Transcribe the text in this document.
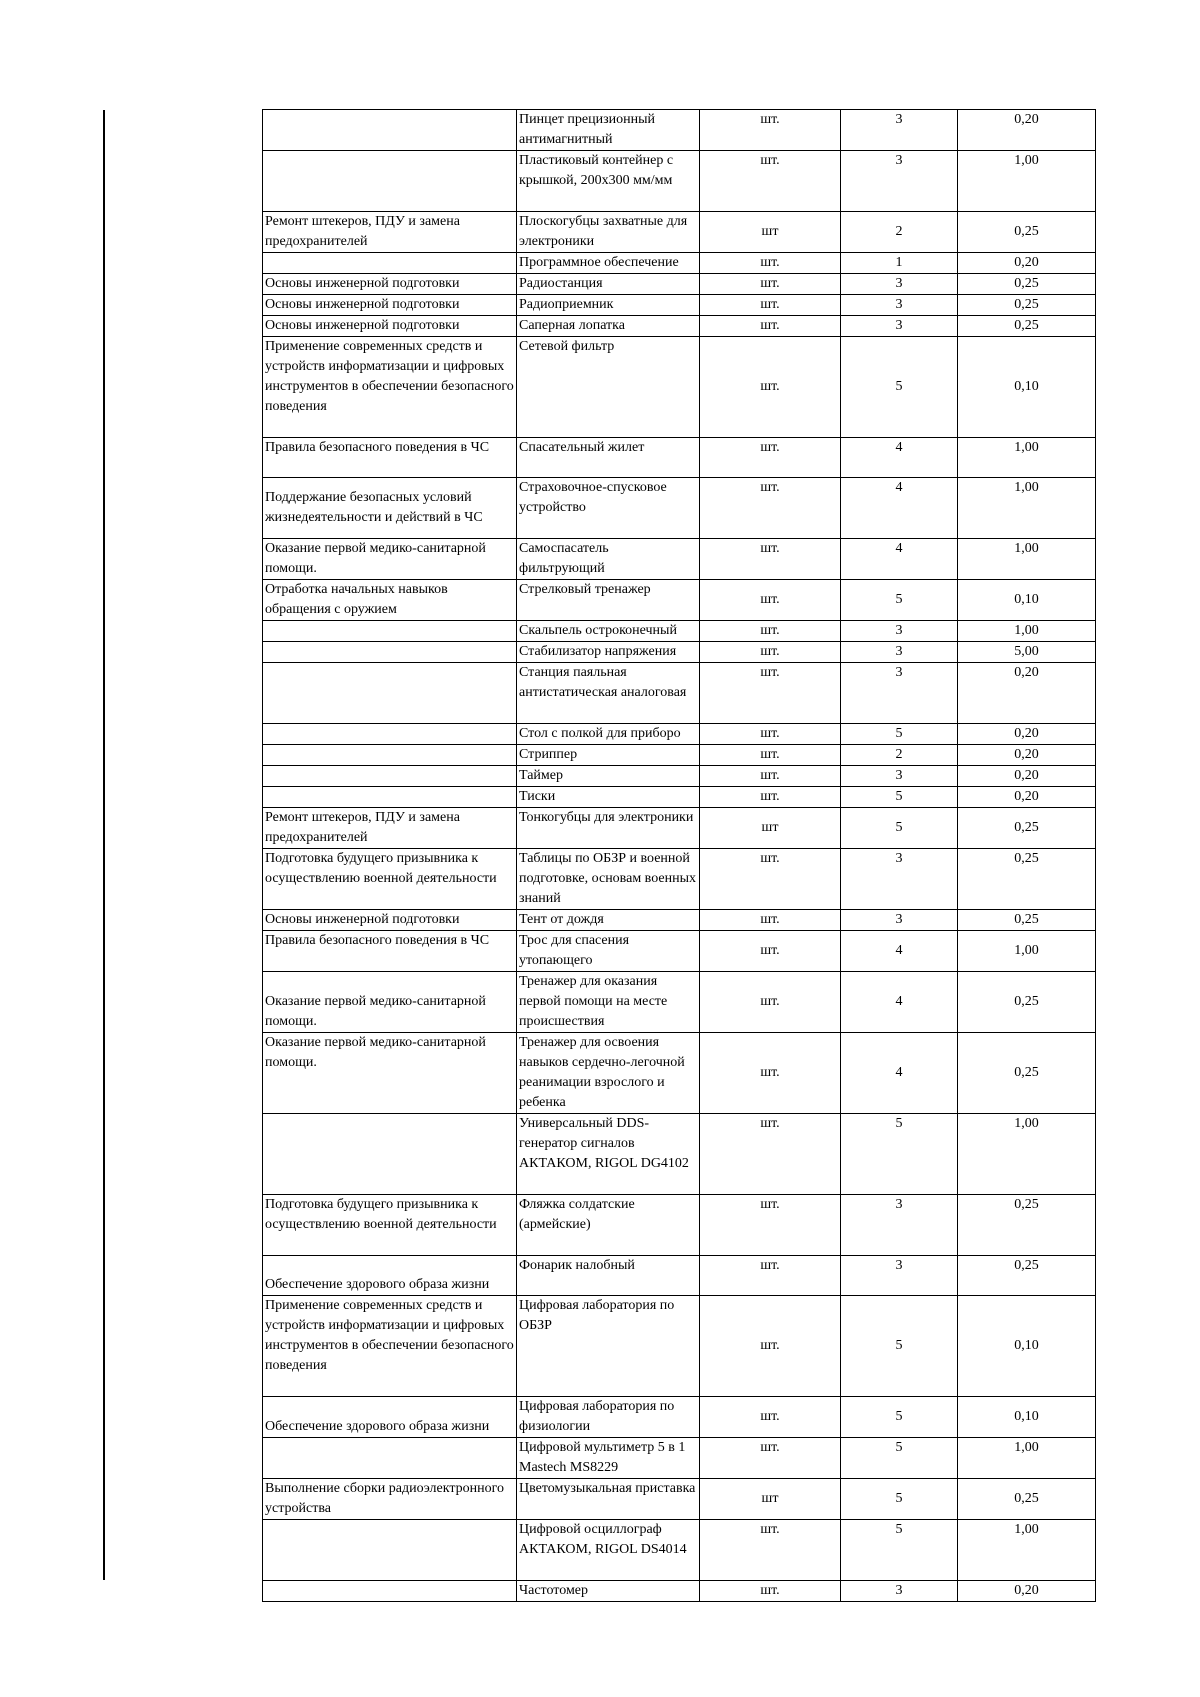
	Пинцет прецизионный антимагнитный	шт.	3	0,20
	Пластиковый контейнер с крышкой, 200х300 мм/мм	шт.	3	1,00
Ремонт штекеров, ПДУ и замена предохранителей	Плоскогубцы захватные для электроники	шт	2	0,25
	Программное обеспечение	шт.	1	0,20
Основы инженерной подготовки	Радиостанция	шт.	3	0,25
Основы инженерной подготовки	Радиоприемник	шт.	3	0,25
Основы инженерной подготовки	Саперная лопатка	шт.	3	0,25
Применение современных средств и устройств информатизации и цифровых инструментов в обеспечении безопасного поведения	Сетевой фильтр	шт.	5	0,10
Правила безопасного поведения в ЧС	Спасательный жилет	шт.	4	1,00
Поддержание безопасных условий жизнедеятельности и действий в ЧС	Страховочное-спусковое устройство	шт.	4	1,00
Оказание первой медико-санитарной помощи.	Самоспасатель фильтрующий	шт.	4	1,00
Отработка начальных навыков обращения с оружием	Стрелковый тренажер	шт.	5	0,10
	Скальпель остроконечный	шт.	3	1,00
	Стабилизатор напряжения	шт.	3	5,00
	Станция паяльная антистатическая аналоговая	шт.	3	0,20
	Стол с полкой для приборо	шт.	5	0,20
	Стриппер	шт.	2	0,20
	Таймер	шт.	3	0,20
	Тиски	шт.	5	0,20
Ремонт штекеров, ПДУ и замена предохранителей	Тонкогубцы для электроники	шт	5	0,25
Подготовка будущего призывника к осуществлению военной деятельности	Таблицы по ОБЗР и военной подготовке, основам военных знаний	шт.	3	0,25
Основы инженерной подготовки	Тент от дождя	шт.	3	0,25
Правила безопасного поведения в ЧС	Трос для спасения утопающего	шт.	4	1,00
Оказание первой медико-санитарной помощи.	Тренажер для оказания первой помощи на месте происшествия	шт.	4	0,25
Оказание первой медико-санитарной помощи.	Тренажер для освоения навыков сердечно-легочной реанимации взрослого и ребенка	шт.	4	0,25
	Универсальный DDS-генератор сигналов АКТАКОМ, RIGOL DG4102	шт.	5	1,00
Подготовка будущего призывника к осуществлению военной деятельности	Фляжка солдатские (армейские)	шт.	3	0,25
Обеспечение здорового образа жизни	Фонарик налобный	шт.	3	0,25
Применение современных средств и устройств информатизации и цифровых инструментов в обеспечении безопасного поведения	Цифровая лаборатория по ОБЗР	шт.	5	0,10
Обеспечение здорового образа жизни	Цифровая лаборатория по физиологии	шт.	5	0,10
	Цифровой мультиметр 5 в 1 Mastech MS8229	шт.	5	1,00
Выполнение сборки радиоэлектронного устройства	Цветомузыкальная приставка	шт	5	0,25
	Цифровой осциллограф АКТАКОМ, RIGOL DS4014	шт.	5	1,00
	Частотомер	шт.	3	0,20
